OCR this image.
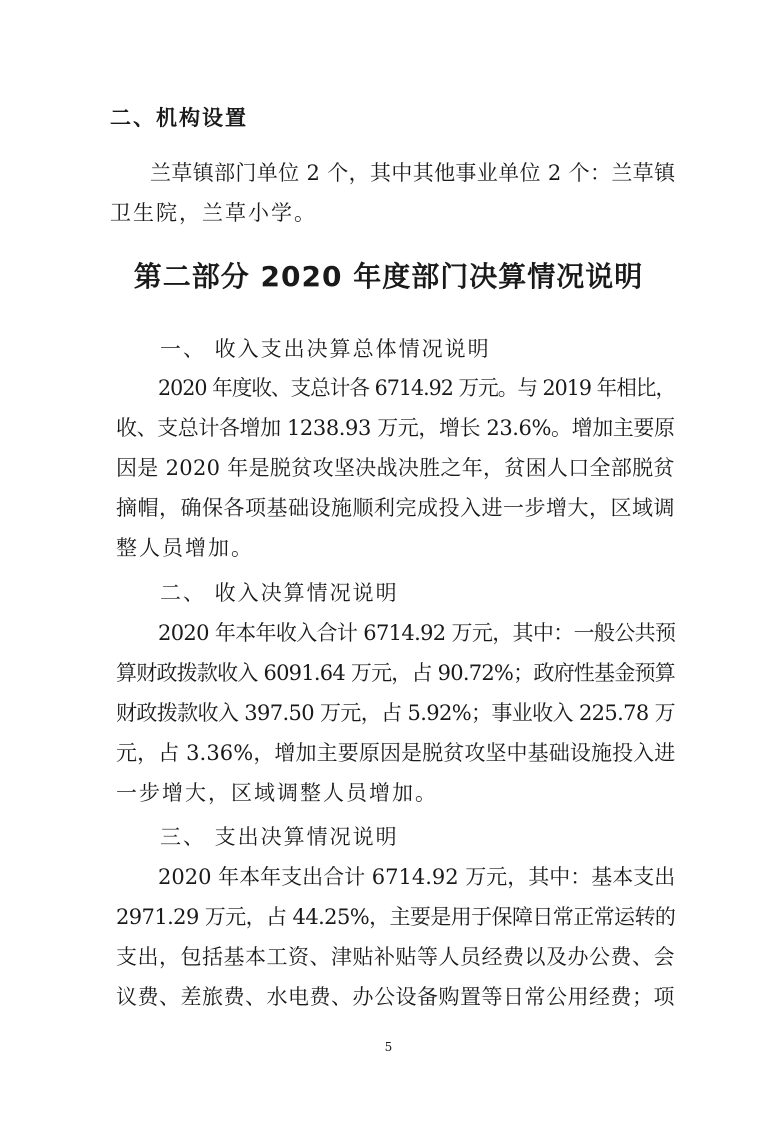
二、机构设置
兰草镇部门单位 2 个，其中其他事业单位 2 个：兰草镇
卫生院，兰草小学。
第二部分 2020 年度部门决算情况说明
一、 收入支出决算总体情况说明
2020 年度收、支总计各 6714.92 万元。与 2019 年相比，
收、支总计各增加 1238.93 万元，增长 23.6%。增加主要原
因是 2020 年是脱贫攻坚决战决胜之年，贫困人口全部脱贫
摘帽，确保各项基础设施顺利完成投入进一步增大，区域调
整人员增加。
二、 收入决算情况说明
2020 年本年收入合计 6714.92 万元，其中：一般公共预
算财政拨款收入 6091.64 万元，占 90.72%；政府性基金预算
财政拨款收入 397.50 万元，占 5.92%；事业收入 225.78 万
元，占 3.36%，增加主要原因是脱贫攻坚中基础设施投入进
一步增大，区域调整人员增加。
三、 支出决算情况说明
2020 年本年支出合计 6714.92 万元，其中：基本支出
2971.29 万元，占 44.25%，主要是用于保障日常正常运转的
支出，包括基本工资、津贴补贴等人员经费以及办公费、会
议费、差旅费、水电费、办公设备购置等日常公用经费；项
5
